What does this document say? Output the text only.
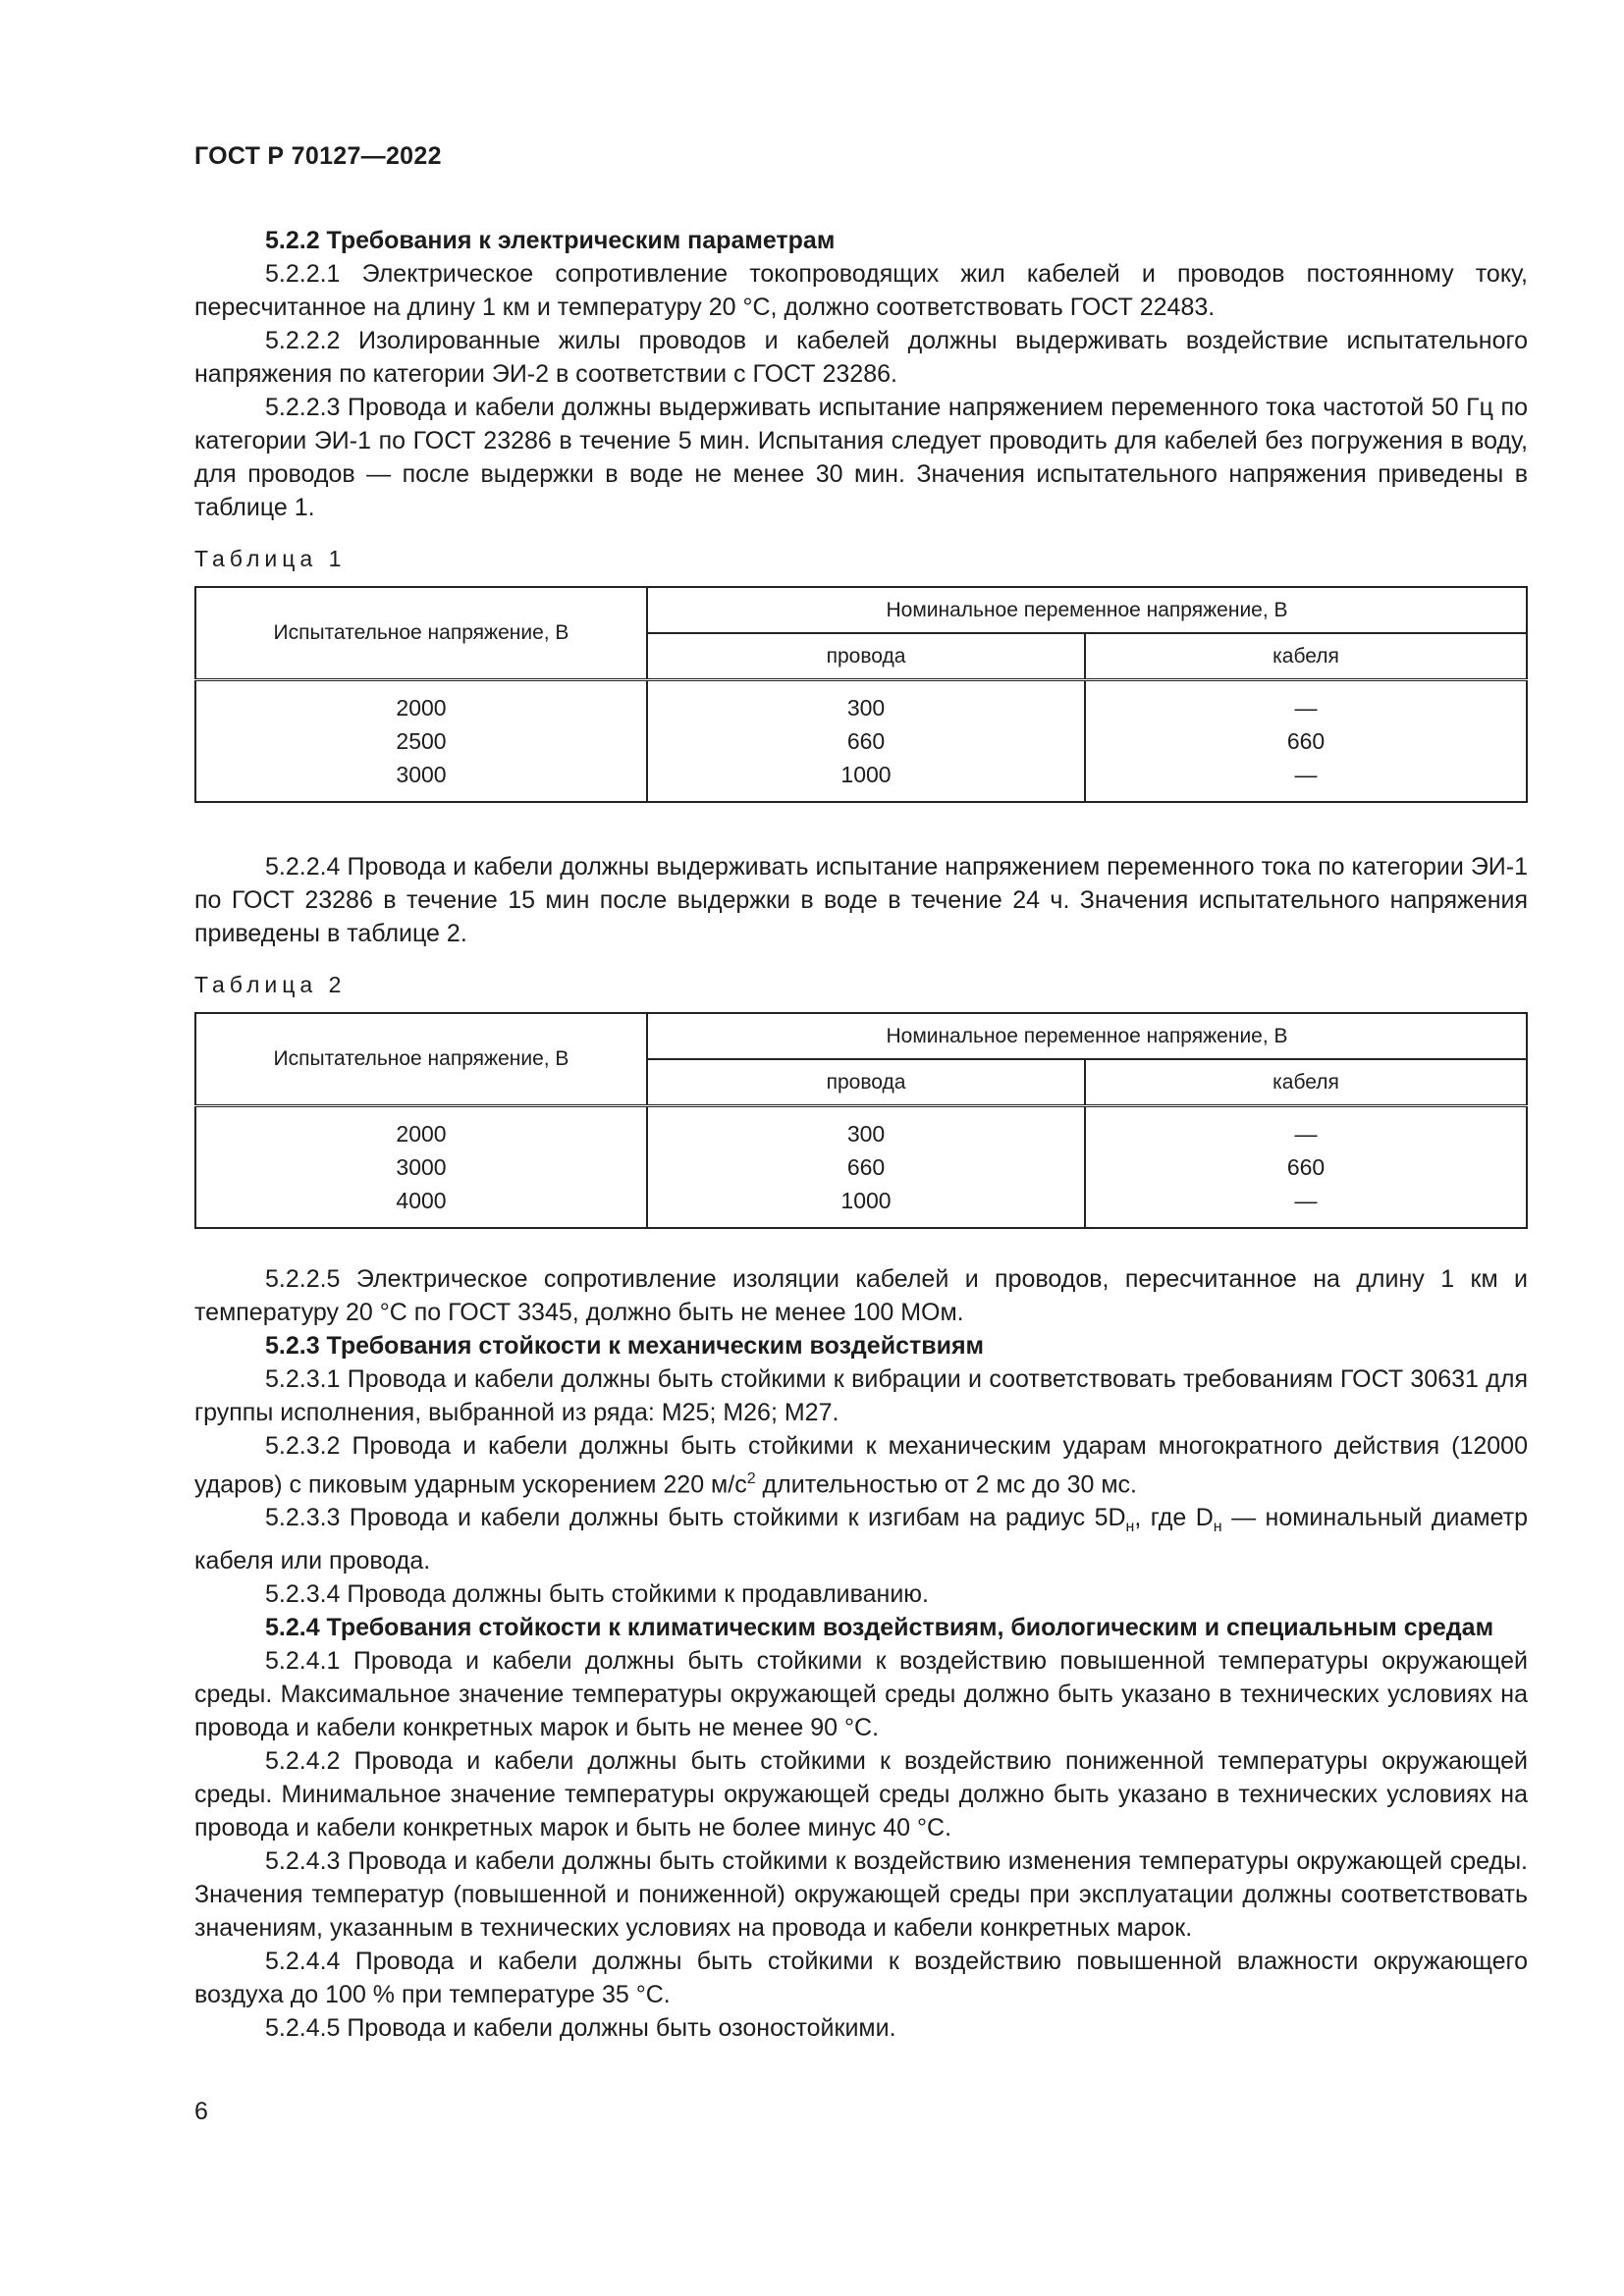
ГОСТ Р 70127—2022

5.2.2 Требования к электрическим параметрам

5.2.2.1 Электрическое сопротивление токопроводящих жил кабелей и проводов постоянному току, пересчитанное на длину 1 км и температуру 20 °С, должно соответствовать ГОСТ 22483.

5.2.2.2 Изолированные жилы проводов и кабелей должны выдерживать воздействие испытательного напряжения по категории ЭИ-2 в соответствии с ГОСТ 23286.

5.2.2.3 Провода и кабели должны выдерживать испытание напряжением переменного тока частотой 50 Гц по категории ЭИ-1 по ГОСТ 23286 в течение 5 мин. Испытания следует проводить для кабелей без погружения в воду, для проводов — после выдержки в воде не менее 30 мин. Значения испытательного напряжения приведены в таблице 1.

Таблица 1
Испытательное напряжение, В	Номинальное переменное напряжение, В	
	провода	кабеля
2000	300	—
2500	660	660
3000	1000	—

5.2.2.4 Провода и кабели должны выдерживать испытание напряжением переменного тока по категории ЭИ-1 по ГОСТ 23286 в течение 15 мин после выдержки в воде в течение 24 ч. Значения испытательного напряжения приведены в таблице 2.

Таблица 2
Испытательное напряжение, В	Номинальное переменное напряжение, В	
	провода	кабеля
2000	300	—
3000	660	660
4000	1000	—

5.2.2.5 Электрическое сопротивление изоляции кабелей и проводов, пересчитанное на длину 1 км и температуру 20 °С по ГОСТ 3345, должно быть не менее 100 МОм.

5.2.3 Требования стойкости к механическим воздействиям

5.2.3.1 Провода и кабели должны быть стойкими к вибрации и соответствовать требованиям ГОСТ 30631 для группы исполнения, выбранной из ряда: М25; М26; М27.

5.2.3.2 Провода и кабели должны быть стойкими к механическим ударам многократного действия (12000 ударов) с пиковым ударным ускорением 220 $м/с^2$ длительностью от 2 мс до 30 мс.

5.2.3.3 Провода и кабели должны быть стойкими к изгибам на радиус $5D_н$, где $D_н$ — номинальный диаметр кабеля или провода.

5.2.3.4 Провода должны быть стойкими к продавливанию.

5.2.4 Требования стойкости к климатическим воздействиям, биологическим и специальным средам

5.2.4.1 Провода и кабели должны быть стойкими к воздействию повышенной температуры окружающей среды. Максимальное значение температуры окружающей среды должно быть указано в технических условиях на провода и кабели конкретных марок и быть не менее 90 °С.

5.2.4.2 Провода и кабели должны быть стойкими к воздействию пониженной температуры окружающей среды. Минимальное значение температуры окружающей среды должно быть указано в технических условиях на провода и кабели конкретных марок и быть не более минус 40 °С.

5.2.4.3 Провода и кабели должны быть стойкими к воздействию изменения температуры окружающей среды. Значения температур (повышенной и пониженной) окружающей среды при эксплуатации должны соответствовать значениям, указанным в технических условиях на провода и кабели конкретных марок.

5.2.4.4 Провода и кабели должны быть стойкими к воздействию повышенной влажности окружающего воздуха до 100 % при температуре 35 °С.

5.2.4.5 Провода и кабели должны быть озоностойкими.

6
